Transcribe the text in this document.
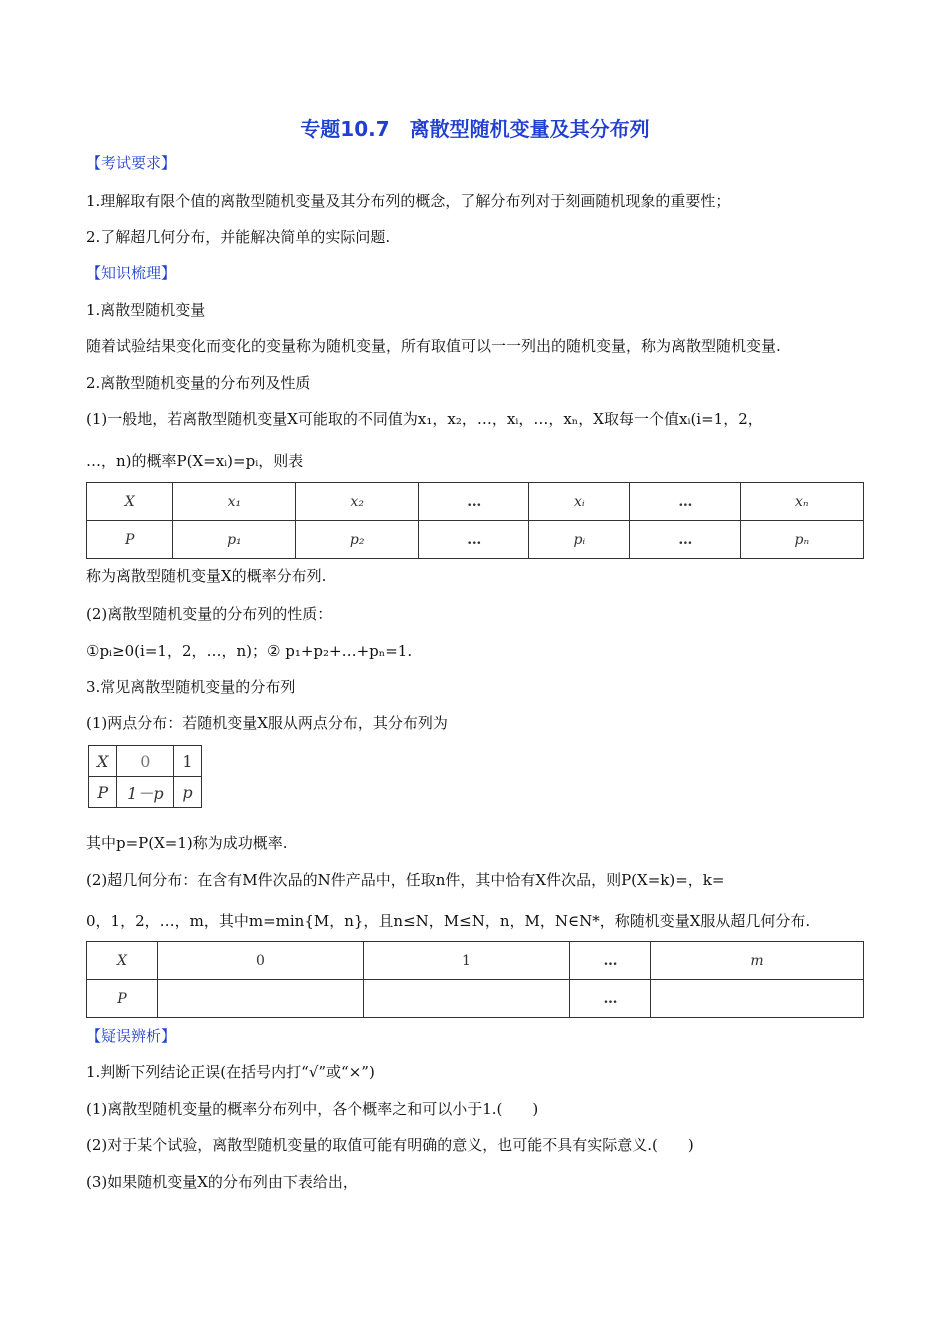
专题10.7　离散型随机变量及其分布列
【考试要求】
1.理解取有限个值的离散型随机变量及其分布列的概念，了解分布列对于刻画随机现象的重要性；
2.了解超几何分布，并能解决简单的实际问题.
【知识梳理】
1.离散型随机变量
随着试验结果变化而变化的变量称为随机变量，所有取值可以一一列出的随机变量，称为离散型随机变量.
2.离散型随机变量的分布列及性质
(1)一般地，若离散型随机变量X可能取的不同值为x₁，x₂，…，xᵢ，…，xₙ，X取每一个值xᵢ(i=1，2，
…，n)的概率P(X=xᵢ)=pᵢ，则表
X	x₁	x₂	…	xᵢ	…	xₙ
P	p₁	p₂	…	pᵢ	…	pₙ
称为离散型随机变量X的概率分布列.
(2)离散型随机变量的分布列的性质：
①pᵢ≥0(i=1，2，…，n)；② p₁+p₂+…+pₙ=1.
3.常见离散型随机变量的分布列
(1)两点分布：若随机变量X服从两点分布，其分布列为
X	0	1
P	1－p	p
其中p=P(X=1)称为成功概率.
(2)超几何分布：在含有M件次品的N件产品中，任取n件，其中恰有X件次品，则P(X=k)=，k=
0，1，2，…，m，其中m=min{M，n}，且n≤N，M≤N，n，M，N∈N*，称随机变量X服从超几何分布.
X	0	1	…	m
P			…	
【疑误辨析】
1.判断下列结论正误(在括号内打“√”或“×”)
(1)离散型随机变量的概率分布列中，各个概率之和可以小于1.(　　)
(2)对于某个试验，离散型随机变量的取值可能有明确的意义，也可能不具有实际意义.(　　)
(3)如果随机变量X的分布列由下表给出，
